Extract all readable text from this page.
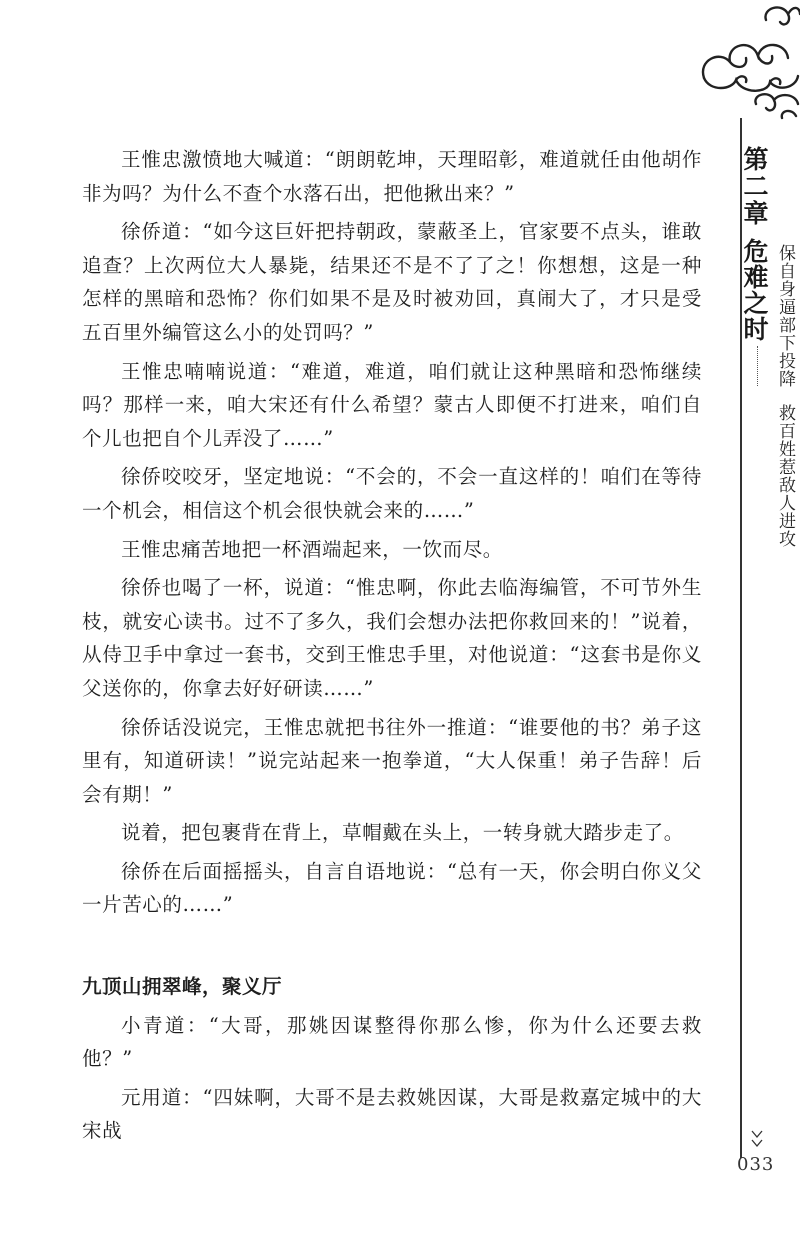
第二章
危难之时 保自身逼部下投降
救百姓惹敌人进攻

王惟忠激愤地大喊道：“朗朗乾坤，天理昭彰，难道就任由他胡作非为吗？为什么不查个水落石出，把他揪出来？”

徐侨道：“如今这巨奸把持朝政，蒙蔽圣上，官家要不点头，谁敢追查？上次两位大人暴毙，结果还不是不了了之！你想想，这是一种怎样的黑暗和恐怖？你们如果不是及时被劝回，真闹大了，才只是受五百里外编管这么小的处罚吗？”

王惟忠喃喃说道：“难道，难道，咱们就让这种黑暗和恐怖继续吗？那样一来，咱大宋还有什么希望？蒙古人即便不打进来，咱们自个儿也把自个儿弄没了……”

徐侨咬咬牙，坚定地说：“不会的，不会一直这样的！咱们在等待一个机会，相信这个机会很快就会来的……”

王惟忠痛苦地把一杯酒端起来，一饮而尽。

徐侨也喝了一杯，说道：“惟忠啊，你此去临海编管，不可节外生枝，就安心读书。过不了多久，我们会想办法把你救回来的！”说着，从侍卫手中拿过一套书，交到王惟忠手里，对他说道：“这套书是你义父送你的，你拿去好好研读……”

徐侨话没说完，王惟忠就把书往外一推道：“谁要他的书？弟子这里有，知道研读！”说完站起来一抱拳道，“大人保重！弟子告辞！后会有期！”

说着，把包裹背在背上，草帽戴在头上，一转身就大踏步走了。

徐侨在后面摇摇头，自言自语地说：“总有一天，你会明白你义父一片苦心的……”

九顶山拥翠峰，聚义厅

小青道：“大哥，那姚因谋整得你那么惨，你为什么还要去救他？”

元用道：“四妹啊，大哥不是去救姚因谋，大哥是救嘉定城中的大宋战

033
